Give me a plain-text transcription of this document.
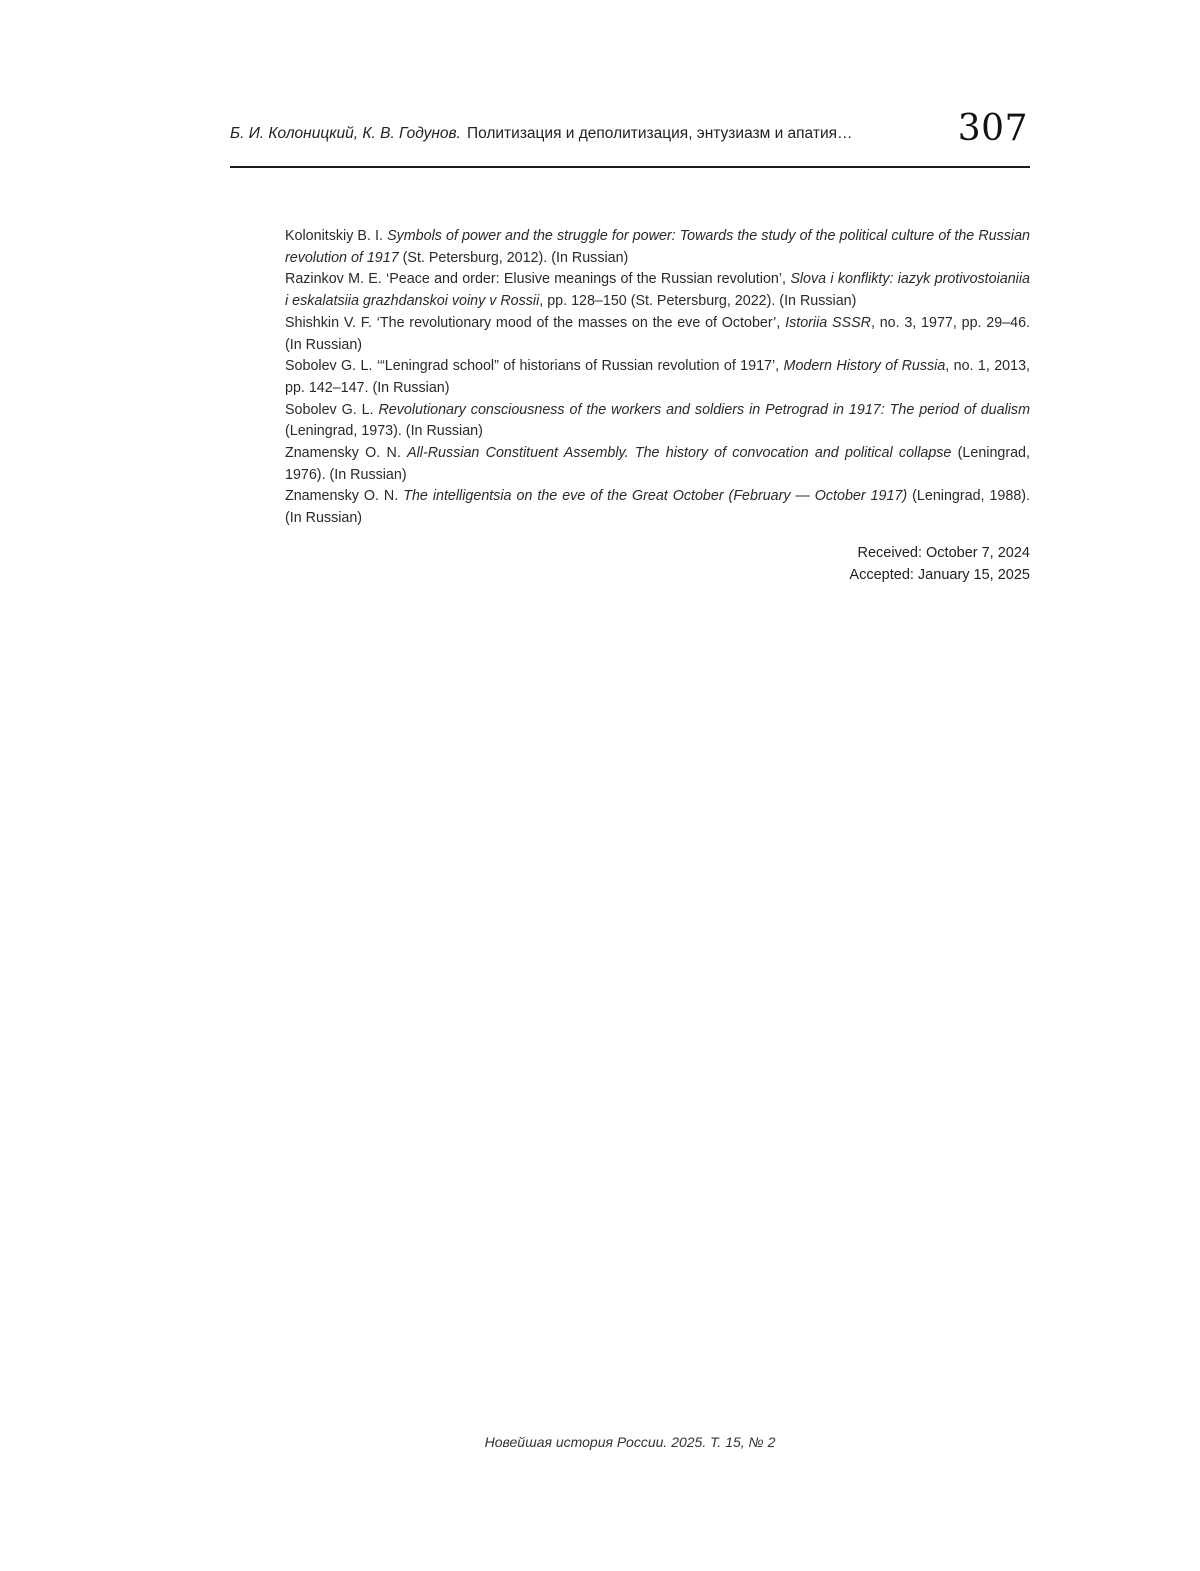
Б. И. Колоницкий, К. В. Годунов. Политизация и деполитизация, энтузиазм и апатия…	307

Kolonitskiy B. I. Symbols of power and the struggle for power: Towards the study of the political culture of the Russian revolution of 1917 (St. Petersburg, 2012). (In Russian)

Razinkov M. E. ‘Peace and order: Elusive meanings of the Russian revolution’, Slova i konflikty: iazyk protivostoianiia i eskalatsiia grazhdanskoi voiny v Rossii, pp. 128–150 (St. Petersburg, 2022). (In Russian)

Shishkin V. F. ‘The revolutionary mood of the masses on the eve of October’, Istoriia SSSR, no. 3, 1977, pp. 29–46. (In Russian)

Sobolev G. L. ‘“Leningrad school” of historians of Russian revolution of 1917’, Modern History of Russia, no. 1, 2013, pp. 142–147. (In Russian)

Sobolev G. L. Revolutionary consciousness of the workers and soldiers in Petrograd in 1917: The period of dualism (Leningrad, 1973). (In Russian)

Znamensky O. N. All-Russian Constituent Assembly. The history of convocation and political collapse (Leningrad, 1976). (In Russian)

Znamensky O. N. The intelligentsia on the eve of the Great October (February — October 1917) (Leningrad, 1988). (In Russian)

Received: October 7, 2024
Accepted: January 15, 2025
Новейшая история России. 2025. Т. 15, № 2
